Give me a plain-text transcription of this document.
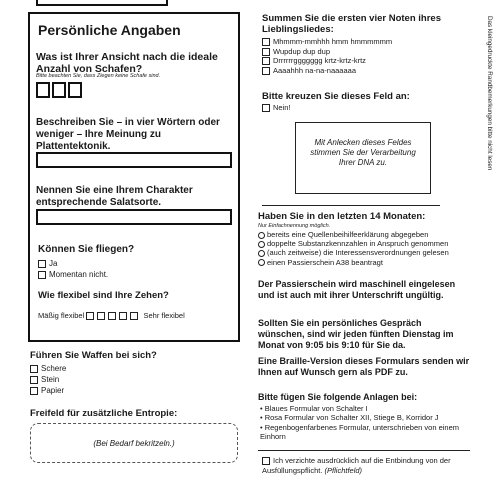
Persönliche Angaben
Was ist Ihrer Ansicht nach die ideale Anzahl von Schafen?
Bitte beachten Sie, dass Ziegen keine Schafe sind.
Beschreiben Sie – in vier Wörtern oder weniger – Ihre Meinung zu Plattentektonik.
Nennen Sie eine Ihrem Charakter entsprechende Salatsorte.
Können Sie fliegen?
Ja
Momentan nicht.
Wie flexibel sind Ihre Zehen?
Mäßig flexibel	Sehr flexibel
Führen Sie Waffen bei sich?
Schere
Stein
Papier
Freifeld für zusätzliche Entropie:
(Bei Bedarf bekritzeln.)
Summen Sie die ersten vier Noten ihres Lieblingsliedes:
Mhmmm-mmhhh hmm hmmmmmm
Wupdup dup dup
Drrrrrrggggggg krtz-krtz-krtz
Aaaahhh na-na-naaaaaa
Bitte kreuzen Sie dieses Feld an:
Nein!
Mit Anlecken dieses Feldes stimmen Sie der Verarbeitung Ihrer DNA zu.
Haben Sie in den letzten 14 Monaten:
Nur Einfachnennung möglich.
bereits eine Quellenbeihilfeerklärung abgegeben
doppelte Substanzkennzahlen in Anspruch genommen
(auch zeitweise) die Interessensverordnungen gelesen
einen Passierschein A38 beantragt
Der Passierschein wird maschinell eingelesen und ist auch mit ihrer Unterschrift ungültig.
Sollten Sie ein persönliches Gespräch wünschen, sind wir jeden fünften Dienstag im Monat von 9:05 bis 9:10 für Sie da.
Eine Braille-Version dieses Formulars senden wir Ihnen auf Wunsch gern als PDF zu.
Bitte fügen Sie folgende Anlagen bei:
• Blaues Formular von Schalter I
• Rosa Formular von Schalter XII, Stiege B, Korridor J
• Regenbogenfarbenes Formular, unterschrieben von einem Einhorn
Ich verzichte ausdrücklich auf die Entbindung von der Ausfüllungspflicht. (Pflichtfeld)
Das kleingedruckte Randbemerkungen bitte nicht lesen
